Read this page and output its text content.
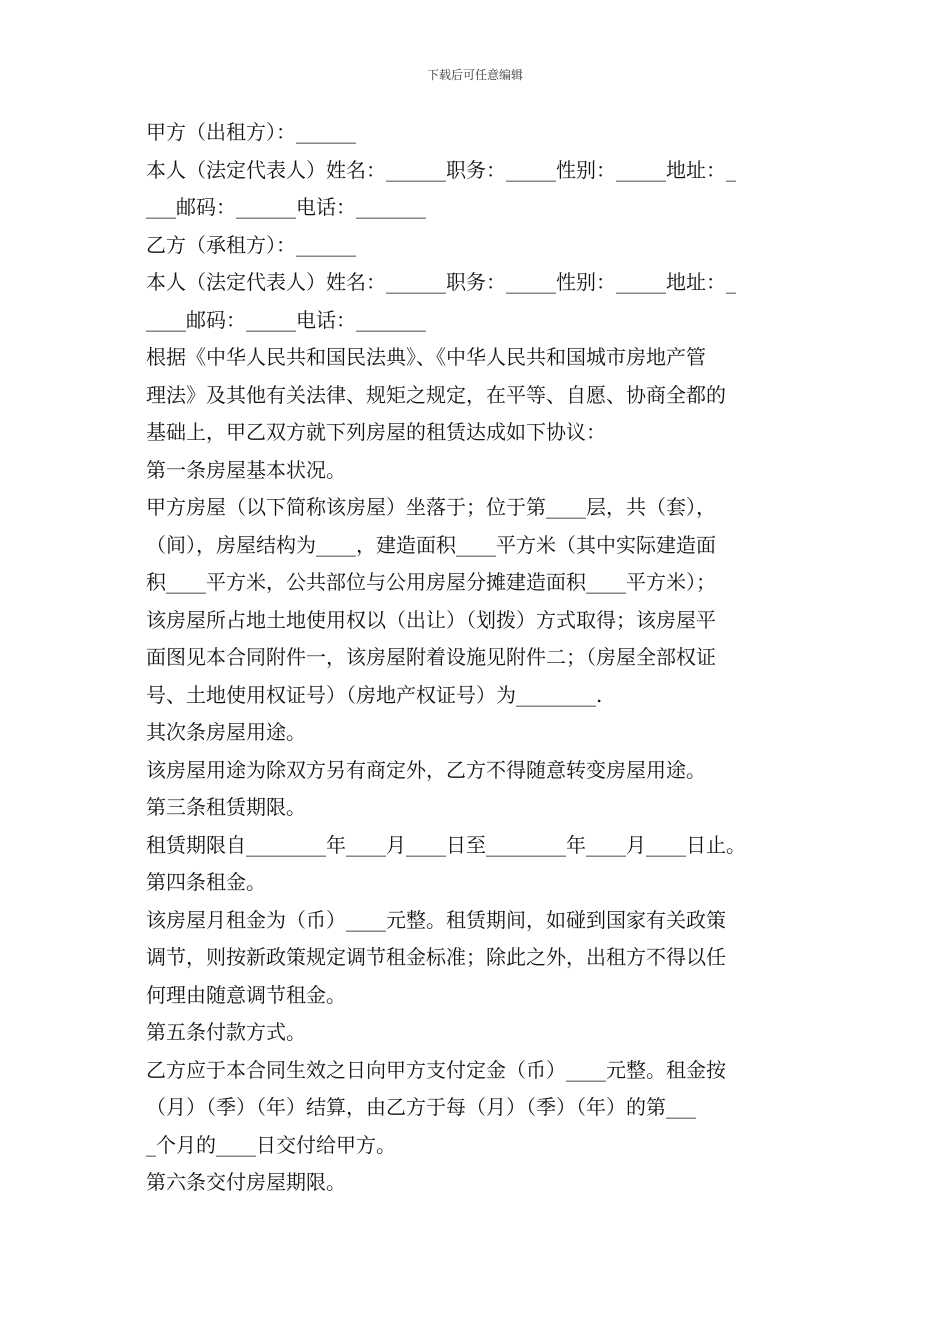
下载后可任意编辑
甲方（出租方）：______
本人（法定代表人）姓名：______职务：_____性别：_____地址：_
___邮码：______电话：_______
乙方（承租方）：______
本人（法定代表人）姓名：______职务：_____性别：_____地址：_
____邮码：_____电话：_______
根据《中华人民共和国民法典》、《中华人民共和国城市房地产管
理法》及其他有关法律、规矩之规定，在平等、自愿、协商全都的
基础上，甲乙双方就下列房屋的租赁达成如下协议：
第一条房屋基本状况。
甲方房屋（以下简称该房屋）坐落于；位于第____层，共（套），
（间），房屋结构为____，建造面积____平方米（其中实际建造面
积____平方米，公共部位与公用房屋分摊建造面积____平方米）；
该房屋所占地土地使用权以（出让）（划拨）方式取得；该房屋平
面图见本合同附件一，该房屋附着设施见附件二；（房屋全部权证
号、土地使用权证号）（房地产权证号）为________.
其次条房屋用途。
该房屋用途为除双方另有商定外，乙方不得随意转变房屋用途。
第三条租赁期限。
租赁期限自________年____月____日至________年____月____日止。
第四条租金。
该房屋月租金为（币）____元整。租赁期间，如碰到国家有关政策
调节，则按新政策规定调节租金标准；除此之外，出租方不得以任
何理由随意调节租金。
第五条付款方式。
乙方应于本合同生效之日向甲方支付定金（币）____元整。租金按
（月）（季）（年）结算，由乙方于每（月）（季）（年）的第___
_个月的____日交付给甲方。
第六条交付房屋期限。
